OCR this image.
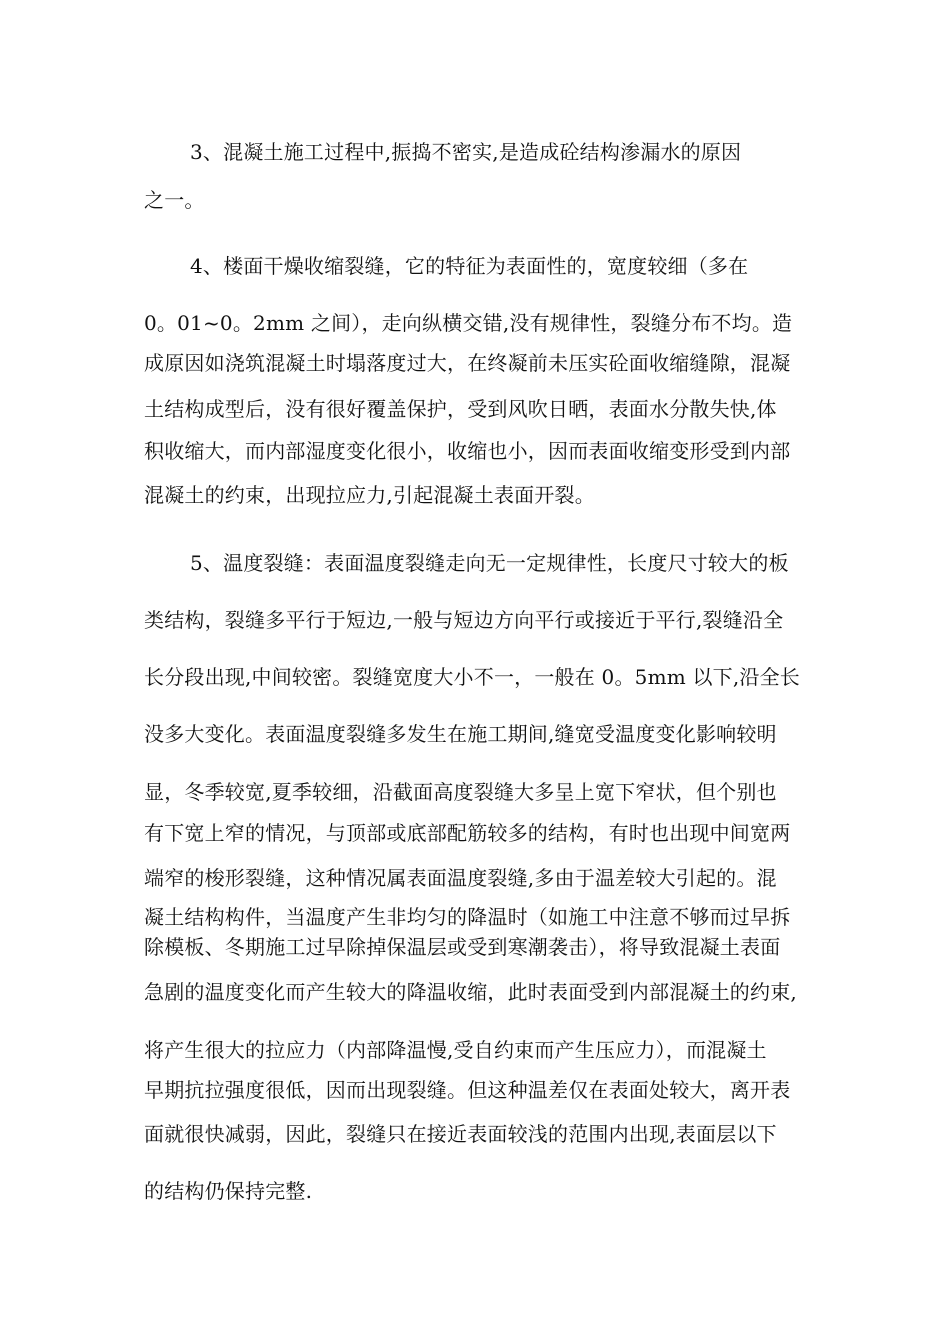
3、混凝土施工过程中,振捣不密实,是造成砼结构渗漏水的原因
之一。
4、楼面干燥收缩裂缝，它的特征为表面性的，宽度较细（多在
0。01~0。2mm 之间），走向纵横交错,没有规律性，裂缝分布不均。造
成原因如浇筑混凝土时塌落度过大，在终凝前未压实砼面收缩缝隙，混凝
土结构成型后，没有很好覆盖保护，受到风吹日晒，表面水分散失快,体
积收缩大，而内部湿度变化很小，收缩也小，因而表面收缩变形受到内部
混凝土的约束，出现拉应力,引起混凝土表面开裂。
5、温度裂缝：表面温度裂缝走向无一定规律性，长度尺寸较大的板
类结构，裂缝多平行于短边,一般与短边方向平行或接近于平行,裂缝沿全
长分段出现,中间较密。裂缝宽度大小不一，一般在 0。5mm 以下,沿全长
没多大变化。表面温度裂缝多发生在施工期间,缝宽受温度变化影响较明
显，冬季较宽,夏季较细，沿截面高度裂缝大多呈上宽下窄状，但个别也
有下宽上窄的情况，与顶部或底部配筋较多的结构，有时也出现中间宽两
端窄的梭形裂缝，这种情况属表面温度裂缝,多由于温差较大引起的。混
凝土结构构件，当温度产生非均匀的降温时（如施工中注意不够而过早拆
除模板、冬期施工过早除掉保温层或受到寒潮袭击），将导致混凝土表面
急剧的温度变化而产生较大的降温收缩，此时表面受到内部混凝土的约束,
将产生很大的拉应力（内部降温慢,受自约束而产生压应力），而混凝土
早期抗拉强度很低，因而出现裂缝。但这种温差仅在表面处较大，离开表
面就很快减弱，因此，裂缝只在接近表面较浅的范围内出现,表面层以下
的结构仍保持完整.
